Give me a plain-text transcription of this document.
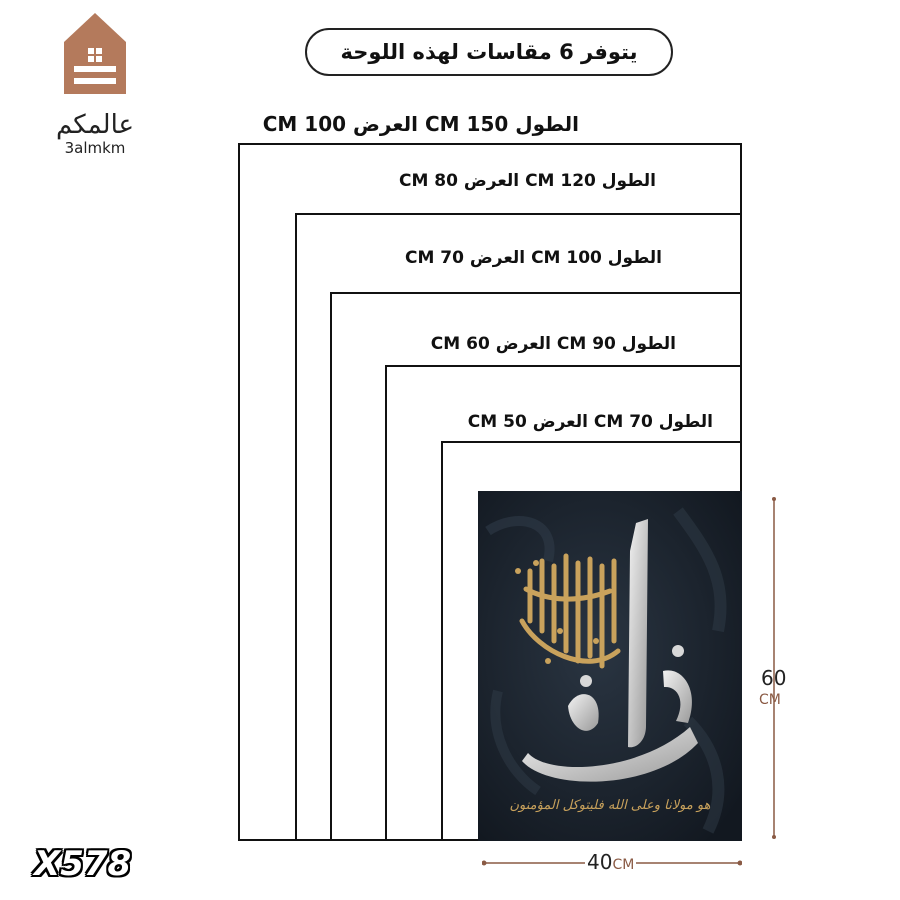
عالمكم
3almkm
يتوفر 6 مقاسات لهذه اللوحة
الطول 150 CM العرض 100 CM
الطول 120 CM العرض 80 CM
الطول 100 CM العرض 70 CM
الطول 90 CM العرض 60 CM
الطول 70 CM العرض 50 CM
هو مولانا وعلى الله فليتوكل المؤمنون
60
CM
40CM
X578
